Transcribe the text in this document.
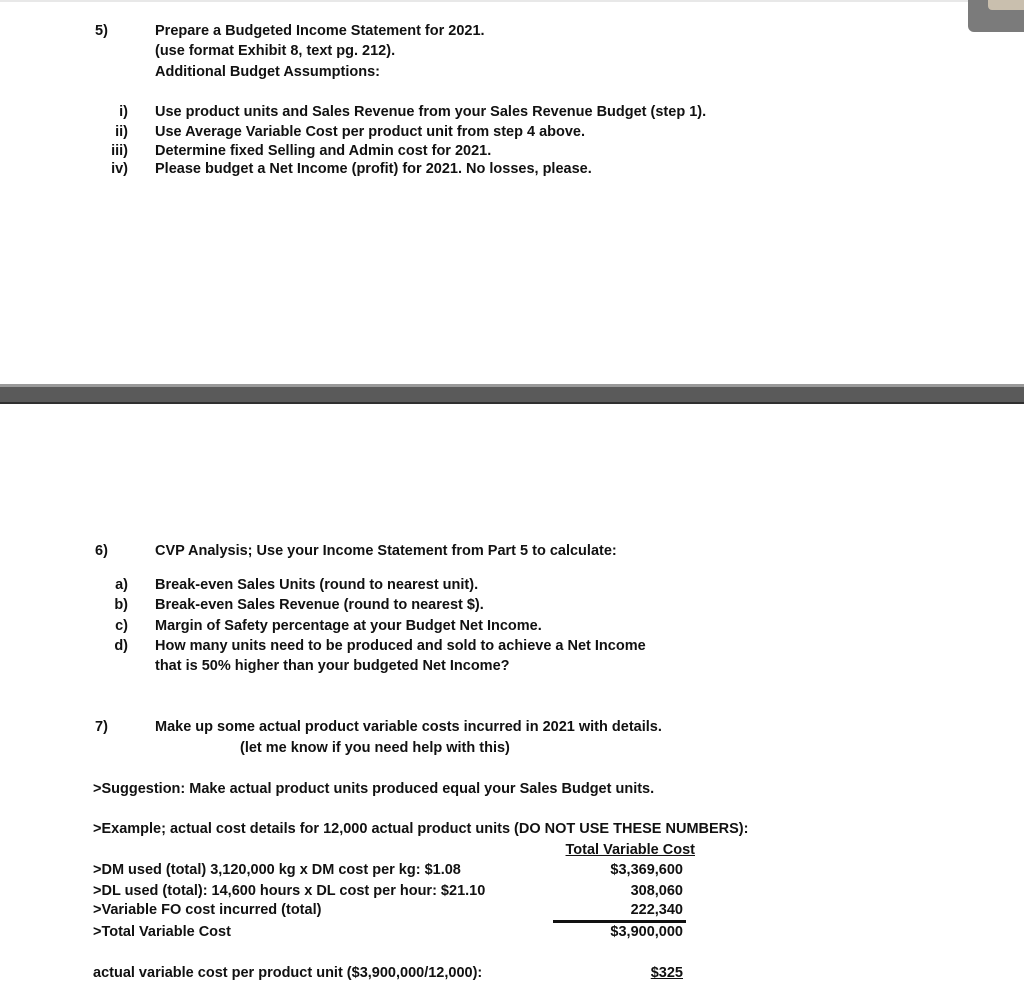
5)	Prepare a Budgeted Income Statement for 2021.
(use format Exhibit 8, text pg. 212).
Additional Budget Assumptions:
i) Use product units and Sales Revenue from your Sales Revenue Budget (step 1).
ii) Use Average Variable Cost per product unit from step 4 above.
iii) Determine fixed Selling and Admin cost for 2021.
iv) Please budget a Net Income (profit) for 2021. No losses, please.
6)	CVP Analysis; Use your Income Statement from Part 5 to calculate:
a) Break-even Sales Units (round to nearest unit).
b) Break-even Sales Revenue (round to nearest $).
c) Margin of Safety percentage at your Budget Net Income.
d) How many units need to be produced and sold to achieve a Net Income
that is 50% higher than your budgeted Net Income?
7)	Make up some actual product variable costs incurred in 2021 with details.
(let me know if you need help with this)
>Suggestion: Make actual product units produced equal your Sales Budget units.
>Example; actual cost details for 12,000 actual product units (DO NOT USE THESE NUMBERS):
Total Variable Cost
>DM used (total) 3,120,000 kg x DM cost per kg: $1.08	$3,369,600
>DL used (total): 14,600 hours x DL cost per hour: $21.10	308,060
>Variable FO cost incurred (total)	222,340
>Total Variable Cost	$3,900,000
actual variable cost per product unit ($3,900,000/12,000):	$325
